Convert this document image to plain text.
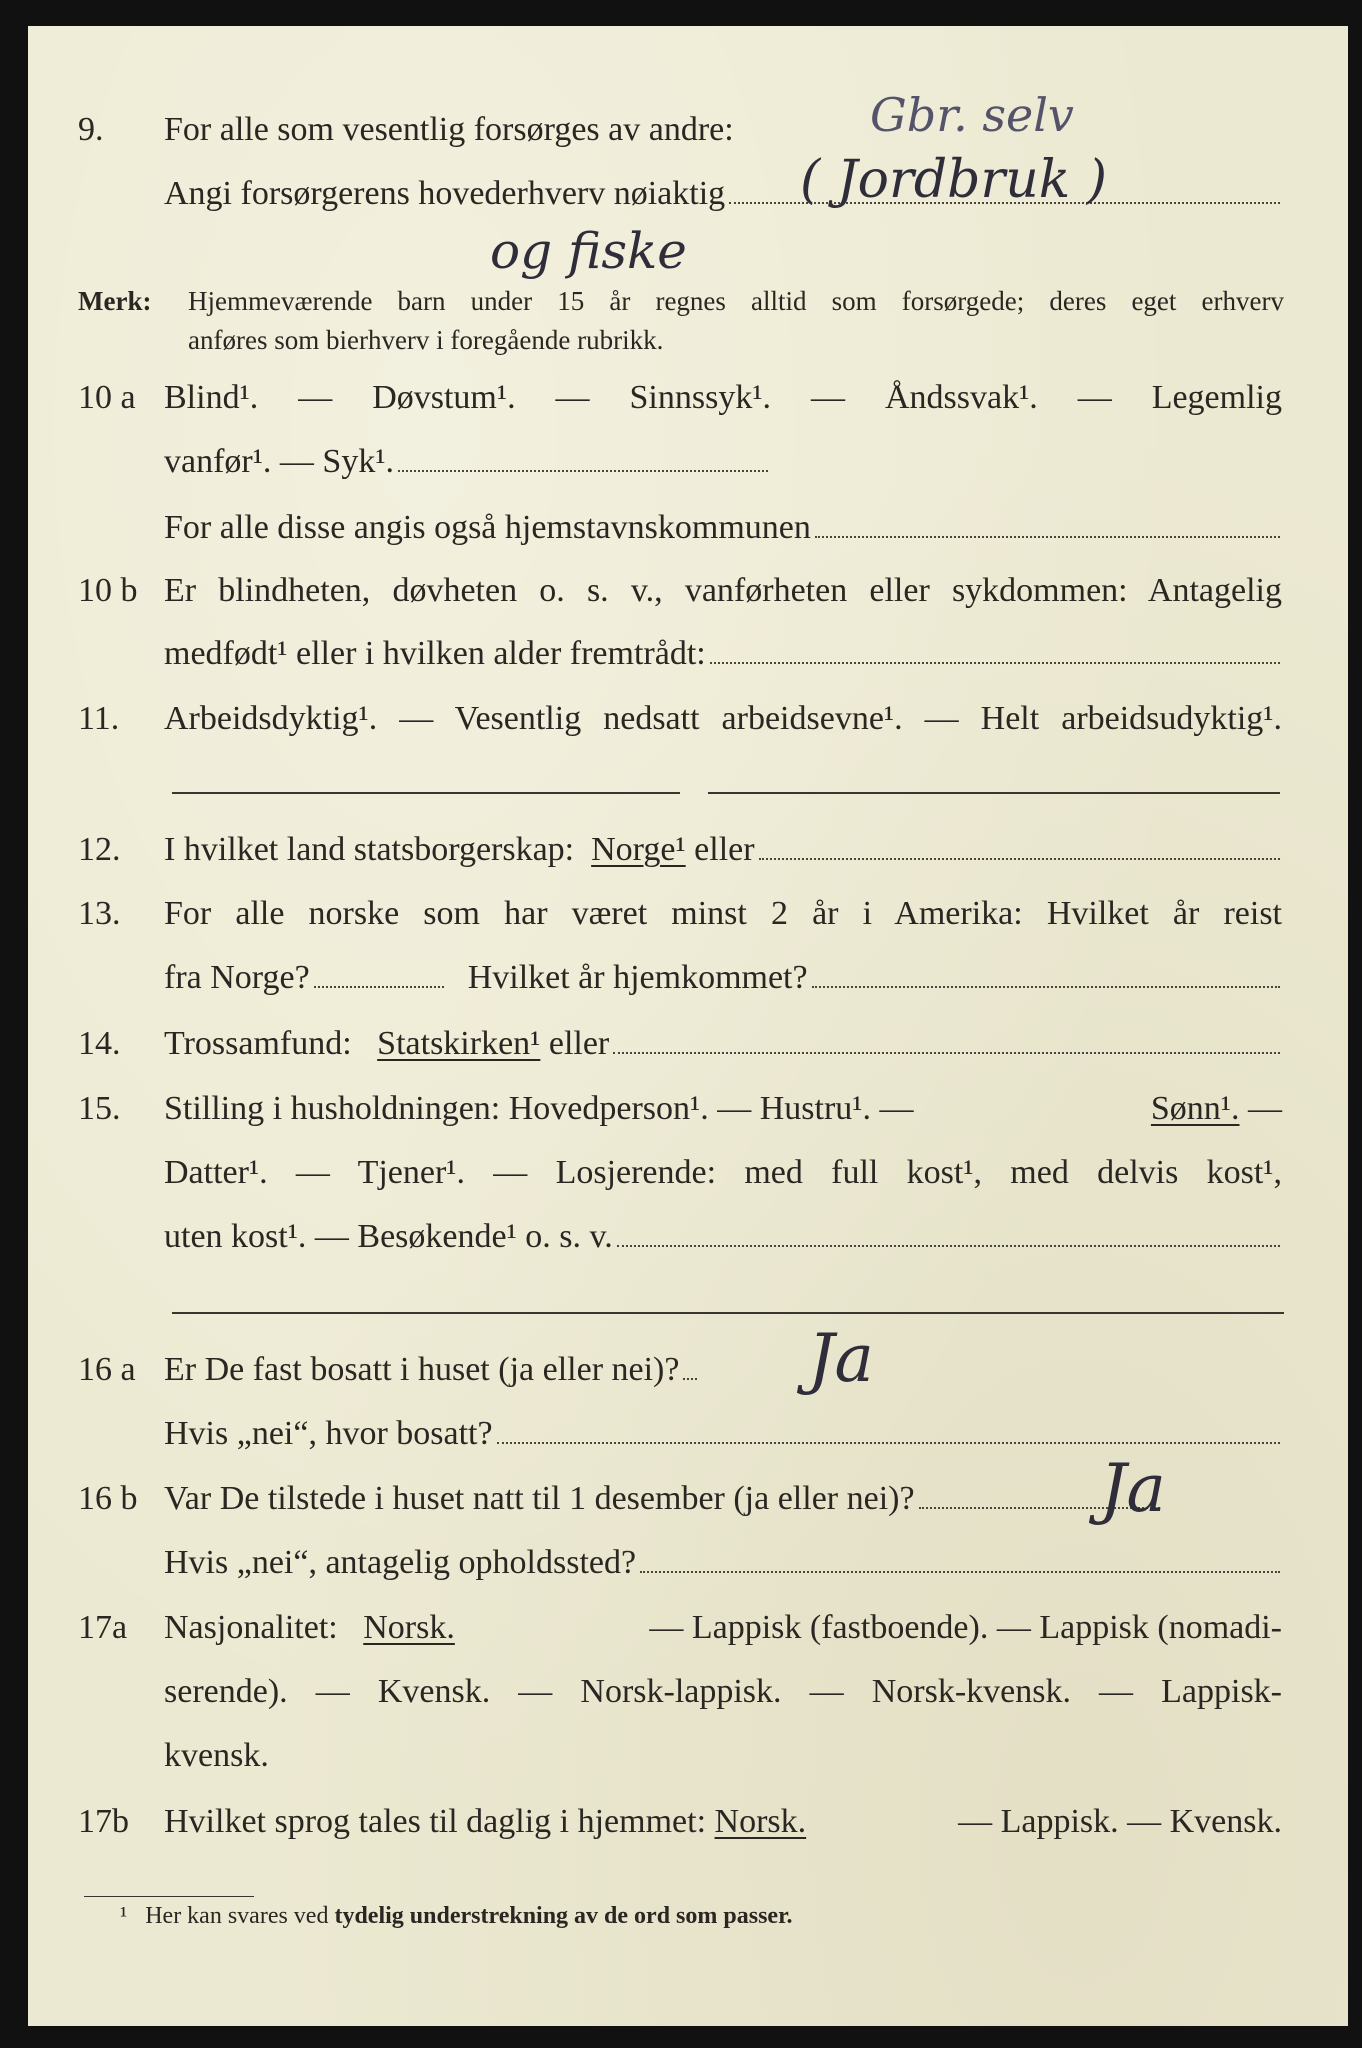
9. For alle som vesentlig forsørges av andre:	Gbr. selv
Angi forsørgerens hovederhverv nøiaktig ( Jordbruk )
og fiske
Merk: Hjemmeværende barn under 15 år regnes alltid som forsørgede; deres eget erhverv
anføres som bierhverv i foregående rubrikk.
10 a Blind¹. — Døvstum¹. — Sinnssyk¹. — Åndssvak¹. — Legemlig
vanfør¹. — Syk¹.
For alle disse angis også hjemstavnskommunen
10 b Er blindheten, døvheten o. s. v., vanførheten eller sykdommen: Antagelig
medfødt¹ eller i hvilken alder fremtrådt:
11. Arbeidsdyktig¹. — Vesentlig nedsatt arbeidsevne¹. — Helt arbeidsudyktig¹.
12. I hvilket land statsborgerskap:
Norge¹
eller
13. For alle norske som har været minst 2 år i Amerika: Hvilket år reist
fra Norge?	Hvilket år hjemkommet?
14. Trossamfund:
Statskirken¹
eller
15. Stilling i husholdningen: Hovedperson¹. — Hustru¹. —	Sønn¹. —
Datter¹. — Tjener¹. — Losjerende: med full kost¹, med delvis kost¹,
uten kost¹. — Besøkende¹ o. s. v.
16 a Er De fast bosatt i huset (ja eller nei)? Ja
Hvis „nei“, hvor bosatt?
16 b Var De tilstede i huset natt til 1 desember (ja eller nei)?	Ja
Hvis „nei“, antagelig opholdssted?
17a Nasjonalitet: Norsk.	— Lappisk (fastboende). — Lappisk (nomadi-
serende). — Kvensk. — Norsk-lappisk. — Norsk-kvensk. — Lappisk-
kvensk.
17b Hvilket sprog tales til daglig i hjemmet: Norsk.	— Lappisk. — Kvensk.
¹ Her kan svares ved tydelig understrekning av de ord som passer.
